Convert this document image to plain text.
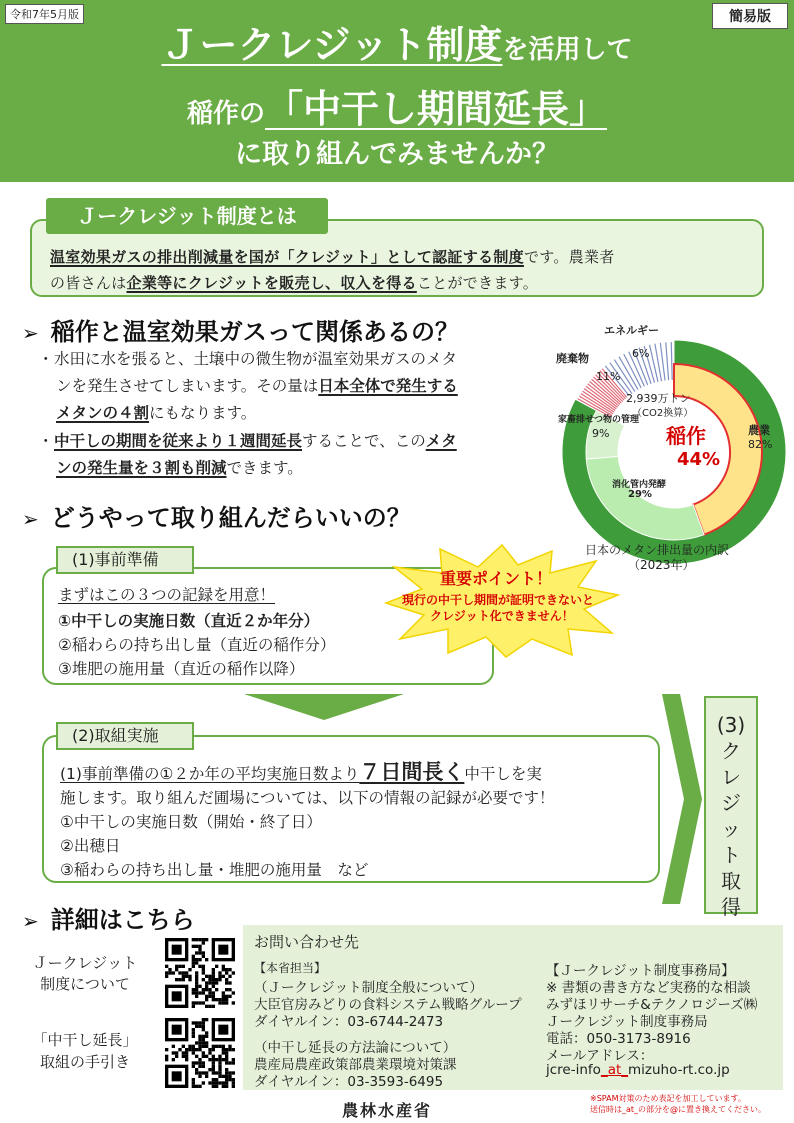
令和7年5月版	簡易版
Ｊークレジット制度を活用して
稲作の「中干し期間延長」
に取り組んでみませんか？
Ｊークレジット制度とは
温室効果ガスの排出削減量を国が「クレジット」として認証する制度です。農業者
の皆さんは企業等にクレジットを販売し、収入を得ることができます。
➢ 稲作と温室効果ガスって関係あるの？
・水田に水を張ると、土壌中の微生物が温室効果ガスのメタ
ンを発生させてしまいます。その量は日本全体で発生する
メタンの４割にもなります。
・中干しの期間を従来より１週間延長することで、このメタ
ンの発生量を３割も削減できます。
エネルギー
6%
廃棄物
11%
農業
82%
家畜排せつ物の管理
9%
消化管内発酵
29%
2,939万トン
（CO2換算）
稲作
44%
日本のメタン排出量の内訳
（2023年）
➢ どうやって取り組んだらいいの？
(1)事前準備
まずはこの３つの記録を用意！
①中干しの実施日数（直近２か年分）
②稲わらの持ち出し量（直近の稲作分）
③堆肥の施用量（直近の稲作以降）
重要ポイント！
現行の中干し期間が証明できないと
クレジット化できません！
(2)取組実施
(1)事前準備の①２か年の平均実施日数より７日間長く中干しを実
施します。取り組んだ圃場については、以下の情報の記録が必要です！
①中干しの実施日数（開始・終了日）
②出穂日
③稲わらの持ち出し量・堆肥の施用量　など
(3)
ク
レ
ジ
ッ
ト
取
得
➢ 詳細はこちら
Ｊークレジット
制度について
「中干し延長」
取組の手引き
お問い合わせ先
【本省担当】
（Ｊークレジット制度全般について）
大臣官房みどりの食料システム戦略グループ
ダイヤルイン：03-6744-2473
（中干し延長の方法論について）
農産局農産政策部農業環境対策課
ダイヤルイン：03-3593-6495
【Ｊークレジット制度事務局】
※ 書類の書き方など実務的な相談
みずほリサーチ&テクノロジーズ㈱
Ｊークレジット制度事務局
電話：050-3173-8916
メールアドレス：
jcre-info_at_mizuho-rt.co.jp
農林水産省
※SPAM対策のため表記を加工しています。
送信時は_at_の部分を@に置き換えてください。
